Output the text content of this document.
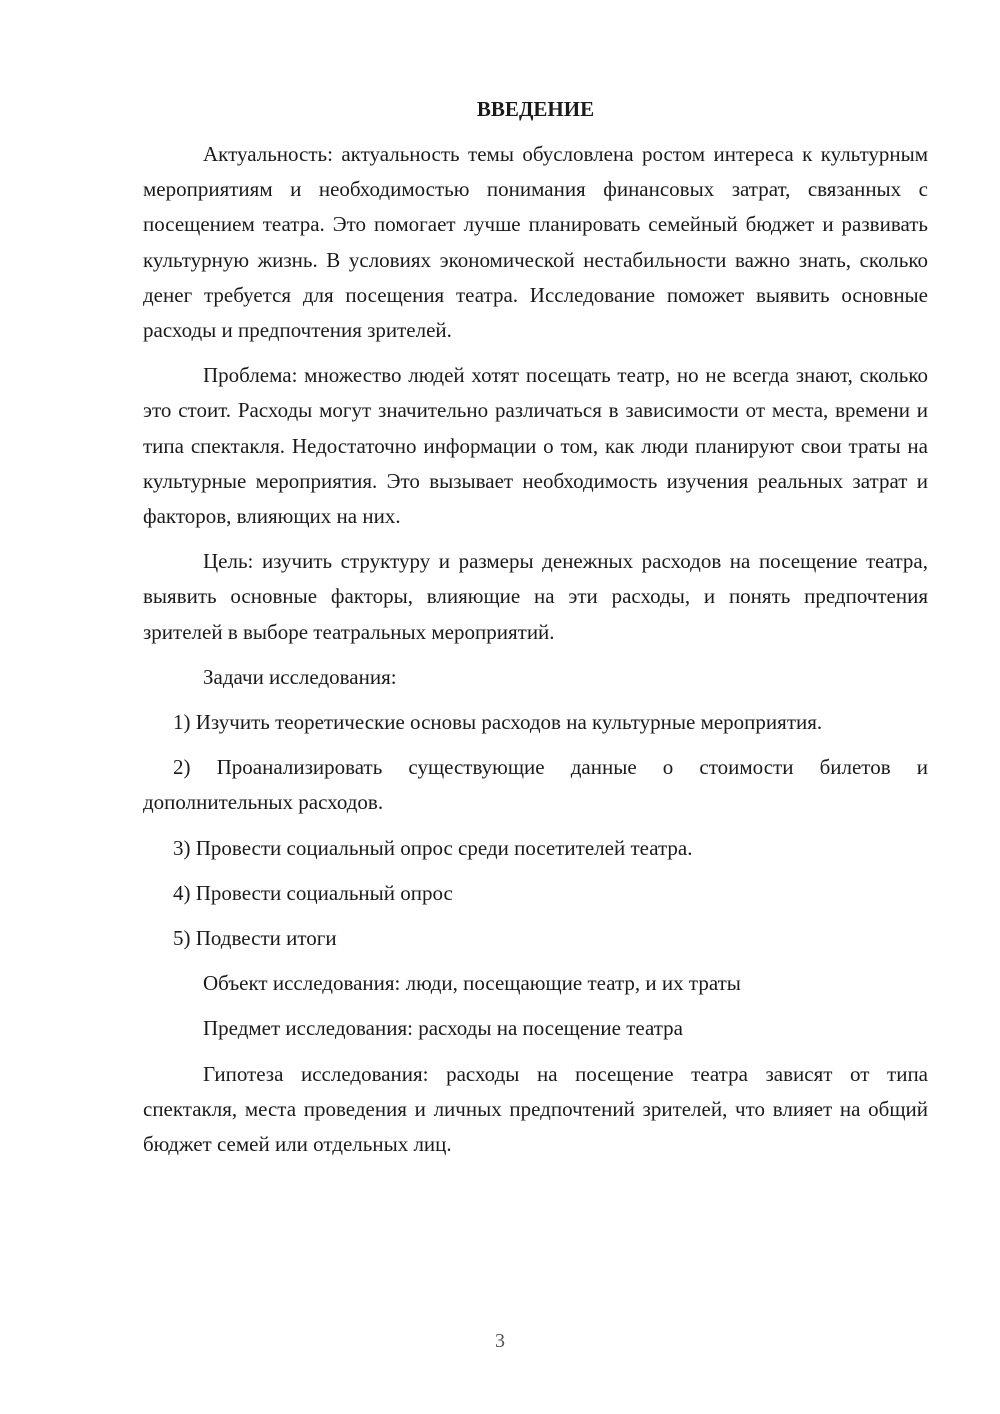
ВВЕДЕНИЕ

Актуальность: актуальность темы обусловлена ростом интереса к культурным мероприятиям и необходимостью понимания финансовых затрат, связанных с посещением театра. Это помогает лучше планировать семейный бюджет и развивать культурную жизнь. В условиях экономической нестабильности важно знать, сколько денег требуется для посещения театра. Исследование поможет выявить основные расходы и предпочтения зрителей.

Проблема: множество людей хотят посещать театр, но не всегда знают, сколько это стоит. Расходы могут значительно различаться в зависимости от места, времени и типа спектакля. Недостаточно информации о том, как люди планируют свои траты на культурные мероприятия. Это вызывает необходимость изучения реальных затрат и факторов, влияющих на них.

Цель: изучить структуру и размеры денежных расходов на посещение театра, выявить основные факторы, влияющие на эти расходы, и понять предпочтения зрителей в выборе театральных мероприятий.

Задачи исследования:

1) Изучить теоретические основы расходов на культурные мероприятия.

2) Проанализировать существующие данные о стоимости билетов и дополнительных расходов.

3) Провести социальный опрос среди посетителей театра.

4) Провести социальный опрос

5) Подвести итоги

Объект исследования: люди, посещающие театр, и их траты

Предмет исследования: расходы на посещение театра

Гипотеза исследования: расходы на посещение театра зависят от типа спектакля, места проведения и личных предпочтений зрителей, что влияет на общий бюджет семей или отдельных лиц.

3
